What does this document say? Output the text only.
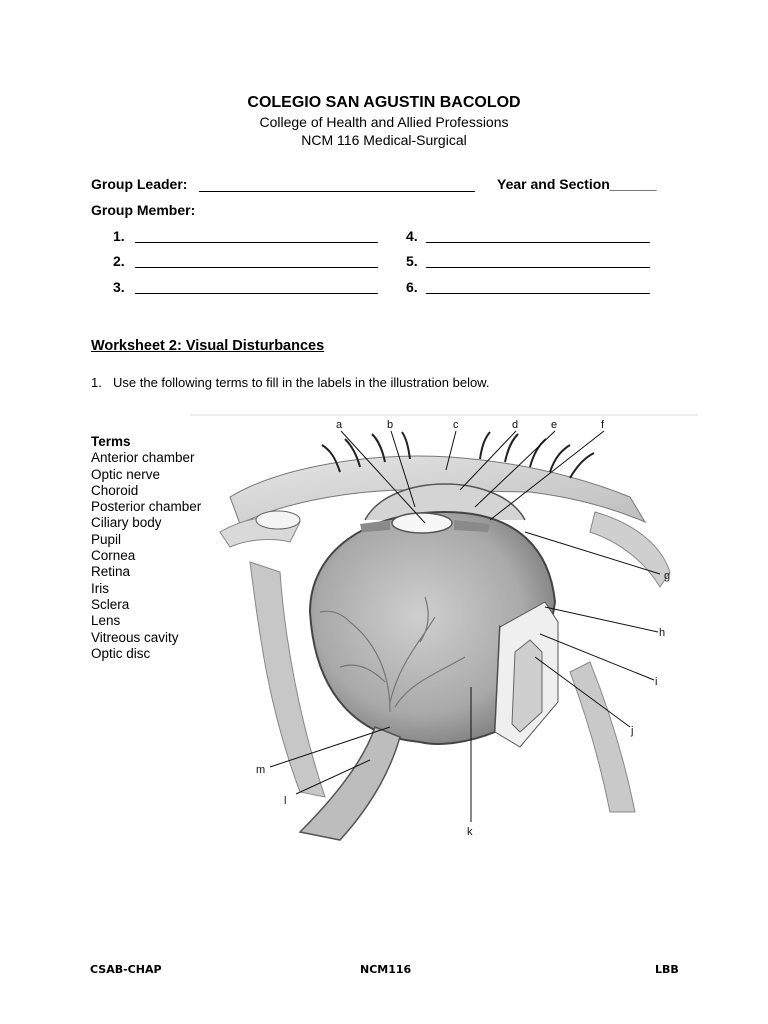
COLEGIO SAN AGUSTIN BACOLOD
College of Health and Allied Professions
NCM 116 Medical-Surgical
Group Leader:	Year and Section______
Group Member:
1.
2.
3.
4.
5.
6.
Worksheet 2: Visual Disturbances
1. Use the following terms to fill in the labels in the illustration below.
Terms
Anterior chamber
Optic nerve
Choroid
Posterior chamber
Ciliary body
Pupil
Cornea
Retina
Iris
Sclera
Lens
Vitreous cavity
Optic disc
a	b	c	d	e	f
g
h
i
j
k
l
m
CSAB-CHAP	NCM116	LBB
